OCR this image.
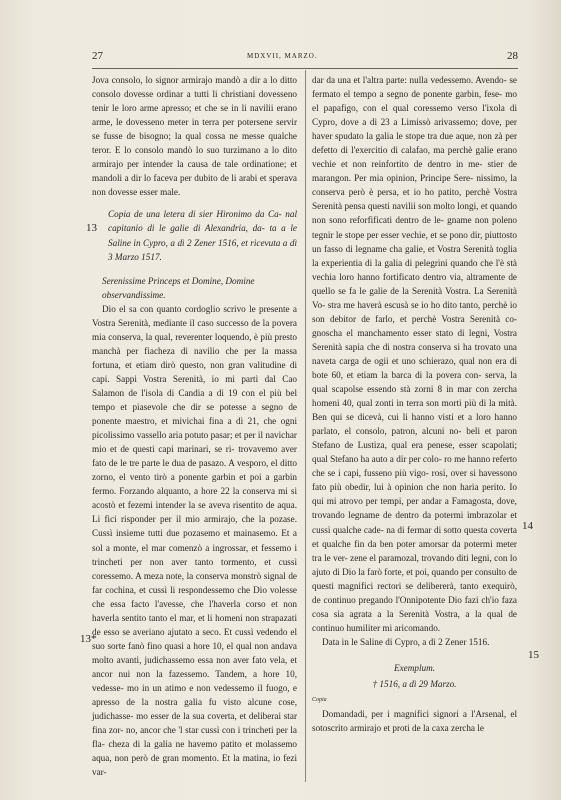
27	MDXVII, MARZO.	28

Jova consolo, lo signor armirajo mandò a dir a lo ditto consolo dovesse ordinar a tutti li christiani dovesseno tenir le loro arme apresso; et che se in li navilii erano arme, le dovesseno meter in terra per potersene servir se fusse de bisogno; la qual cossa ne messe qualche teror. E lo consolo mandò lo suo turzimano a lo dito armirajo per intender la causa de tale ordinatione; et mandoli a dir lo faceva per dubito de li arabi et sperava non dovesse esser male.

Copia de una letera di sier Hironimo da Ca- nal capitanio di le galie di Alexandria, da- ta a le Saline in Cypro, a dì 2 Zener 1516, et ricevuta a dì 3 Marzo 1517.

Serenissime Princeps et Domine, Domine

observandissime.

Dio el sa con quanto cordoglio scrivo le presente a Vostra Serenità, mediante il caso successo de la povera mia conserva, la qual, reverenter loquendo, è più presto manchà per fiacheza di navilio che per la massa fortuna, et etiam dirò questo, non gran valitudine di capi. Sappi Vostra Serenità, io mi partì dal Cao Salamon de l'isola di Candia a dì 19 con el più bel tempo et piasevole che dir se potesse a segno de ponente maestro, et mivichai fina a dì 21, che ogni picolissimo vassello aria potuto pasar; et per il navichar mio et de questi capi marinari, se ri- trovavemo aver fato de le tre parte le dua de pasazo. A vesporo, el ditto zorno, el vento tirò a ponente garbin et poi a garbin fermo. Forzando alquanto, a hore 22 la conserva mi si acostò et fezemi intender la se aveva risentito de aqua. Li fici risponder per il mio armirajo, che la pozase. Cussì insieme tutti due pozasemo et mainasemo. Et a sol a monte, el mar comenzò a ingrossar, et fessemo i trincheti per non aver tanto tormento, et cussì coressemo. A meza note, la conserva monstrò signal de far cochina, et cussì li respondessemo che Dio volesse che essa facto l'avesse, che l'haverla corso et non haverla sentito tanto el mar, et li homeni non strapazati de esso se averiano ajutato a seco. Et cussì vedendo el suo sorte fanò fino quasi a hore 10, el qual non andava molto avanti, judichassemo essa non aver fato vela, et ancor nui non la fazessemo. Tandem, a hore 10, vedesse- mo in un atimo e non vedessemo il fuogo, e apresso de la nostra galia fu visto alcune cose, judichasse- mo esser de la sua coverta, et deliberai star fina zor- no, ancor che 'l star cussì con i trincheti per la fla- cheza di la galia ne havemo patito et molassemo aqua, non però de gran momento. Et la matina, io fezi var-

dar da una et l'altra parte: nulla vedessemo. Avendo- se fermato el tempo a segno de ponente garbin, fese- mo el papafigo, con el qual coressemo verso l'ixola di Cypro, dove a dì 23 a Limissò arivassemo; dove, per haver spudato la galia le stope tra due aque, non zà per defetto di l'exercitio di calafao, ma perchè galie erano vechie et non reinfortito de dentro in me- stier de marangon. Per mia opinion, Principe Sere- nissimo, la conserva però è persa, et io ho patito, perchè Vostra Serenità pensa questi navilii son molto longi, et quando non sono reforfificati dentro de le- gname non poleno tegnir le stope per esser vechie, et se pono dir, piuttosto un fasso di legname cha galie, et Vostra Serenità toglia la experientia di la galia di pelegrini quando che l'è stà vechia loro hanno fortificato dentro via, altramente de quello se fa le galie de la Serenità Vostra. La Serenità Vo- stra me haverà escusà se io ho dito tanto, perchè io son debitor de farlo, et perchè Vostra Serenità co- gnoscha el manchamento esser stato di legni, Vostra Serenità sapia che di nostra conserva si ha trovato una naveta carga de ogii et uno schierazo, qual non era di bote 60, et etiam la barca di la povera con- serva, la qual scapolse essendo stà zorni 8 in mar con zercha homeni 40, qual zonti in terra son morti più di la mità. Ben qui se dicevà, cui li hanno visti et a loro hanno parlato, el consolo, patron, alcuni no- beli et paron Stefano de Lustiza, qual era penese, esser scapolati; qual Stefano ha auto a dir per colo- ro me hanno referto che se i capi, fusseno più vigo- rosi, over si havessono fato più obedir, lui à opinion che non haria perito. Io qui mi atrovo per tempi, per andar a Famagosta, dove, trovando legname de dentro da potermi imbrazolar et cussì qualche cade- na di fermar di sotto questa coverta et qualche fin da ben poter amorsar da potermi meter tra le ver- zene el paramozal, trovando diti legni, con lo ajuto di Dio la farò forte, et poi, quando per consulto de questi magnifici rectori se delibererà, tanto exequirò, de continuo pregando l'Onnipotente Dio fazi ch'io faza cosa sia agrata a la Serenità Vostra, a la qual de continuo humiliter mi aricomando.

Data in le Saline di Cypro, a dì 2 Zener 1516.

Exemplum.

† 1516, a dì 29 Marzo.

Copia

Domandadi, per i magnifici signori a l'Arsenal, el sotoscrito armirajo et proti de la caxa zercha le

13
13*
14
15
